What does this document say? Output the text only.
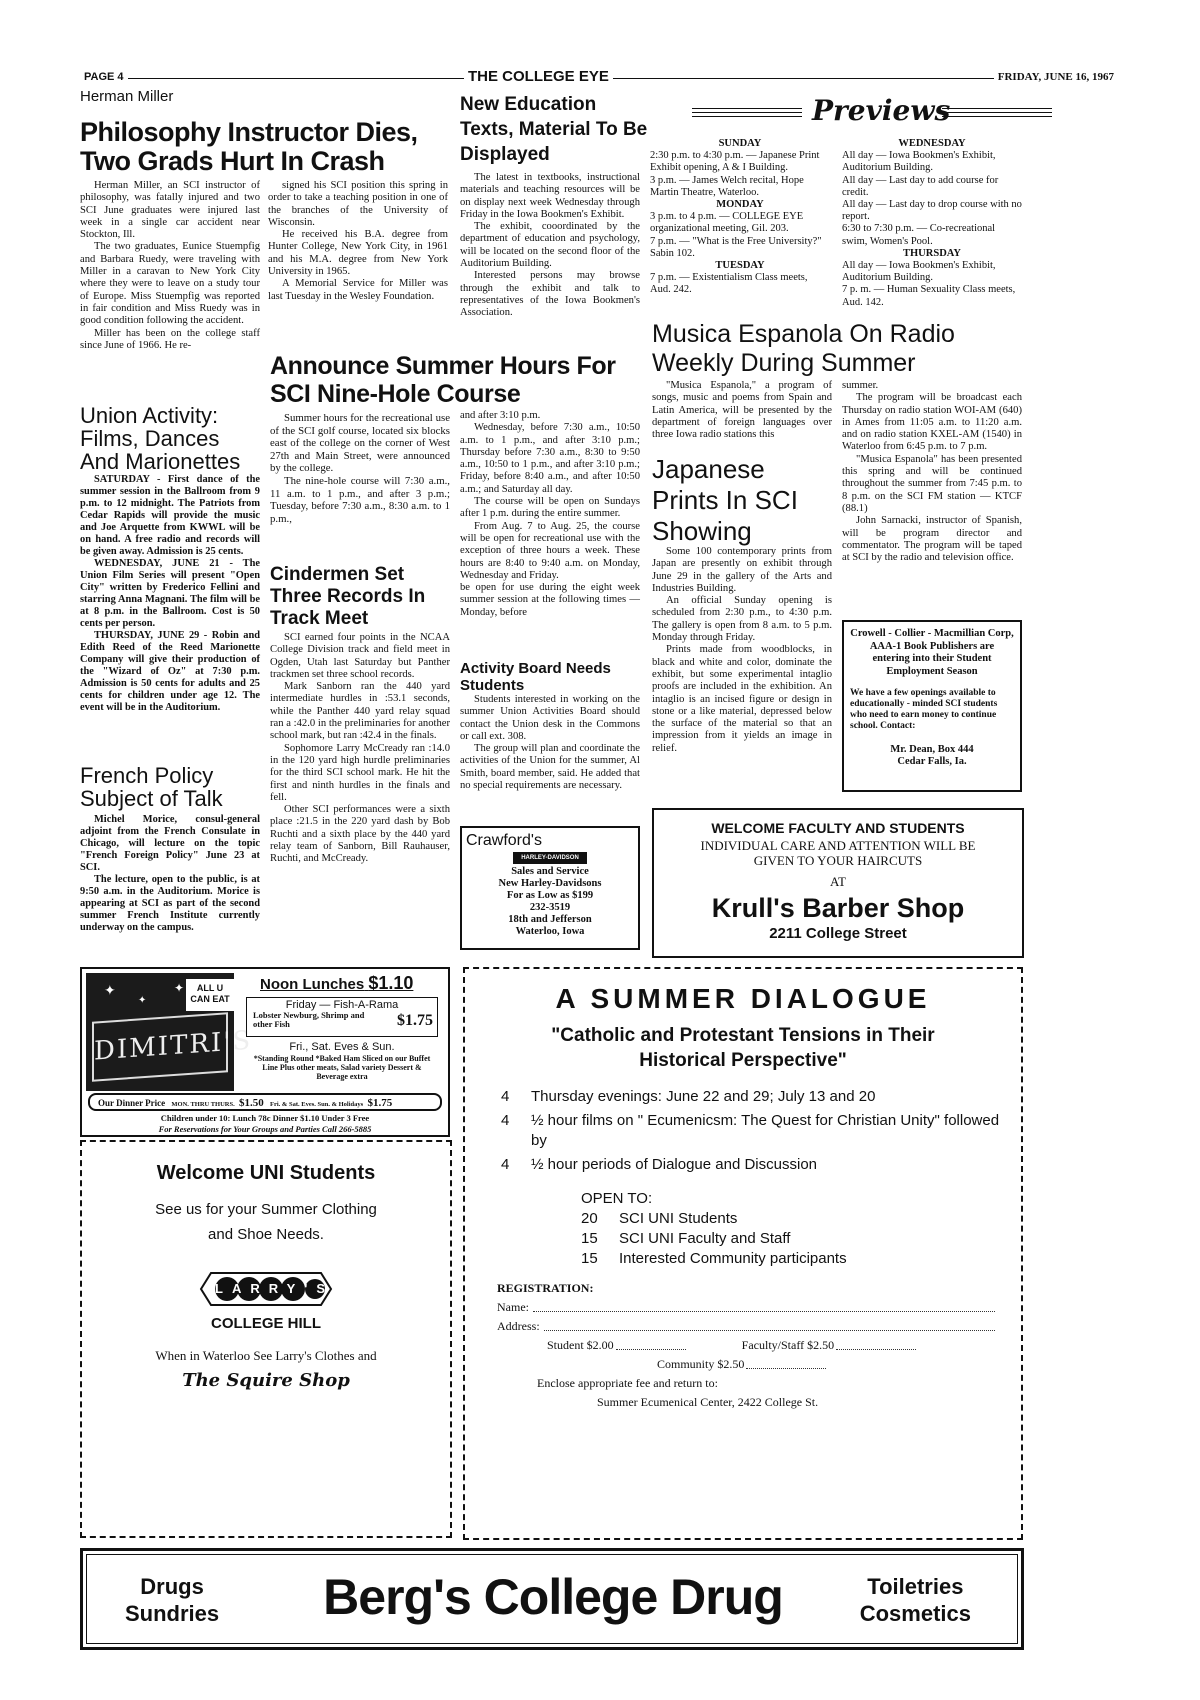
PAGE 4	THE COLLEGE EYE	FRIDAY, JUNE 16, 1967
Herman Miller
Philosophy Instructor Dies, Two Grads Hurt In Crash

Herman Miller, an SCI instructor of philosophy, was fatally injured and two SCI June graduates were injured last week in a single car accident near Stockton, Ill.

The two graduates, Eunice Stuempfig and Barbara Ruedy, were traveling with Miller in a caravan to New York City where they were to leave on a study tour of Europe. Miss Stuempfig was reported in fair condition and Miss Ruedy was in good condition following the accident.

Miller has been on the college staff since June of 1966. He re-

signed his SCI position this spring in order to take a teaching position in one of the branches of the University of Wisconsin.

He received his B.A. degree from Hunter College, New York City, in 1961 and his M.A. degree from New York University in 1965.

A Memorial Service for Miller was last Tuesday in the Wesley Foundation.

Union Activity: Films, Dances And Marionettes

SATURDAY - First dance of the summer session in the Ballroom from 9 p.m. to 12 midnight. The Patriots from Cedar Rapids will provide the music and Joe Arquette from KWWL will be on hand. A free radio and records will be given away. Admission is 25 cents.

WEDNESDAY, JUNE 21 - The Union Film Series will present "Open City" written by Frederico Fellini and starring Anna Magnani. The film will be at 8 p.m. in the Ballroom. Cost is 50 cents per person.

THURSDAY, JUNE 29 - Robin and Edith Reed of the Reed Marionette Company will give their production of the "Wizard of Oz" at 7:30 p.m. Admission is 50 cents for adults and 25 cents for children under age 12. The event will be in the Auditorium.

French Policy Subject of Talk

Michel Morice, consul-general adjoint from the French Consulate in Chicago, will lecture on the topic "French Foreign Policy" June 23 at SCI.

The lecture, open to the public, is at 9:50 a.m. in the Auditorium. Morice is appearing at SCI as part of the second summer French Institute currently underway on the campus.

New Education Texts, Material To Be Displayed

The latest in textbooks, instructional materials and teaching resources will be on display next week Wednesday through Friday in the Iowa Bookmen's Exhibit.

The exhibit, cooordinated by the department of education and psychology, will be located on the second floor of the Auditorium Building.

Interested persons may browse through the exhibit and talk to representatives of the Iowa Bookmen's Association.

Announce Summer Hours For SCI Nine-Hole Course

Summer hours for the recreational use of the SCI golf course, located six blocks east of the college on the corner of West 27th and Main Street, were announced by the college.

The nine-hole course will 7:30 a.m., 11 a.m. to 1 p.m., and after 3 p.m.; Tuesday, before 7:30 a.m., 8:30 a.m. to 1 p.m.,

and after 3:10 p.m.

Wednesday, before 7:30 a.m., 10:50 a.m. to 1 p.m., and after 3:10 p.m.; Thursday before 7:30 a.m., 8:30 to 9:50 a.m., 10:50 to 1 p.m., and after 3:10 p.m.; Friday, before 8:40 a.m., and after 10:50 a.m.; and Saturday all day.

The course will be open on Sundays after 1 p.m. during the entire summer.

From Aug. 7 to Aug. 25, the course will be open for recreational use with the exception of three hours a week. These hours are 8:40 to 9:40 a.m. on Monday, Wednesday and Friday.

be open for use during the eight week summer session at the following times — Monday, before

Cindermen Set Three Records In Track Meet

SCI earned four points in the NCAA College Division track and field meet in Ogden, Utah last Saturday but Panther trackmen set three school records.

Mark Sanborn ran the 440 yard intermediate hurdles in :53.1 seconds, while the Panther 440 yard relay squad ran a :42.0 in the preliminaries for another school mark, but ran :42.4 in the finals.

Sophomore Larry McCready ran :14.0 in the 120 yard high hurdle preliminaries for the third SCI school mark. He hit the first and ninth hurdles in the finals and fell.

Other SCI performances were a sixth place :21.5 in the 220 yard dash by Bob Ruchti and a sixth place by the 440 yard relay team of Sanborn, Bill Rauhauser, Ruchti, and McCready.

Activity Board Needs Students

Students interested in working on the summer Union Activities Board should contact the Union desk in the Commons or call ext. 308.

The group will plan and coordinate the activities of the Union for the summer, Al Smith, board member, said. He added that no special requirements are necessary.

Crawford's
HARLEY-DAVIDSON
Sales and Service
New Harley-Davidsons
For as Low as $199
232-3519
18th and Jefferson
Waterloo, Iowa
Previews
SUNDAY
2:30 p.m. to 4:30 p.m. — Japanese Print Exhibit opening, A & I Building.
3 p.m. — James Welch recital, Hope Martin Theatre, Waterloo.
MONDAY
3 p.m. to 4 p.m. — COLLEGE EYE organizational meeting, Gil. 203.
7 p.m. — "What is the Free University?" Sabin 102.
TUESDAY
7 p.m. — Existentialism Class meets, Aud. 242.
WEDNESDAY
All day — Iowa Bookmen's Exhibit, Auditorium Building.
All day — Last day to add course for credit.
All day — Last day to drop course with no report.
6:30 to 7:30 p.m. — Co-recreational swim, Women's Pool.
THURSDAY
All day — Iowa Bookmen's Exhibit, Auditorium Building.
7 p. m. — Human Sexuality Class meets, Aud. 142.
Musica Espanola On Radio Weekly During Summer

"Musica Espanola," a program of songs, music and poems from Spain and Latin America, will be presented by the department of foreign languages over three Iowa radio stations this

summer.

The program will be broadcast each Thursday on radio station WOI-AM (640) in Ames from 11:05 a.m. to 11:20 a.m. and on radio station KXEL-AM (1540) in Waterloo from 6:45 p.m. to 7 p.m.

"Musica Espanola" has been presented this spring and will be continued throughout the summer from 7:45 p.m. to 8 p.m. on the SCI FM station — KTCF (88.1)

John Sarnacki, instructor of Spanish, will be program director and commentator. The program will be taped at SCI by the radio and television office.

Japanese Prints In SCI Showing

Some 100 contemporary prints from Japan are presently on exhibit through June 29 in the gallery of the Arts and Industries Building.

An official Sunday opening is scheduled from 2:30 p.m., to 4:30 p.m. The gallery is open from 8 a.m. to 5 p.m. Monday through Friday.

Prints made from woodblocks, in black and white and color, dominate the exhibit, but some experimental intaglio proofs are included in the exhibition. An intaglio is an incised figure or design in stone or a like material, depressed below the surface of the material so that an impression from it yields an image in relief.

Crowell - Collier - Macmillian Corp, AAA-1 Book Publishers are entering into their Student Employment Season
We have a few openings available to educationally - minded SCI students who need to earn money to continue school. Contact:
Mr. Dean, Box 444
Cedar Falls, Ia.
WELCOME FACULTY AND STUDENTS
INDIVIDUAL CARE AND ATTENTION WILL BE
GIVEN TO YOUR HAIRCUTS
AT
Krull's Barber Shop
2211 College Street
✦
✦
✦	ALL U CAN EAT
DIMITRI'S
Noon Lunches $1.10
Friday — Fish-A-Rama
Lobster Newburg, Shrimp and other Fish	$1.75
Fri., Sat. Eves & Sun.
*Standing Round *Baked Ham Sliced on our Buffet Line Plus other meats, Salad variety Dessert & Beverage extra
Our Dinner Price MON. THRU THURS. $1.50 Fri. & Sat. Eves. Sun. & Holidays $1.75
Children under 10: Lunch 78c Dinner $1.10 Under 3 Free
For Reservations for Your Groups and Parties Call 266-5885
Welcome UNI Students
See us for your Summer Clothing
and Shoe Needs.
LARRY'S
COLLEGE HILL
When in Waterloo See Larry's Clothes and
The Squire Shop
A SUMMER DIALOGUE
"Catholic and Protestant Tensions in Their Historical Perspective"
4	Thursday evenings: June 22 and 29; July 13 and 20
4	½ hour films on " Ecumenicsm: The Quest for Christian Unity" followed by
4	½ hour periods of Dialogue and Discussion
OPEN TO:
20	SCI UNI Students
15	SCI UNI Faculty and Staff
15	Interested Community participants
REGISTRATION:
Name:
Address:
Student $2.00	Faculty/Staff $2.50
Community $2.50
Enclose appropriate fee and return to:
Summer Ecumenical Center, 2422 College St.
Drugs
Sundries	Berg's College Drug	Toiletries
Cosmetics
